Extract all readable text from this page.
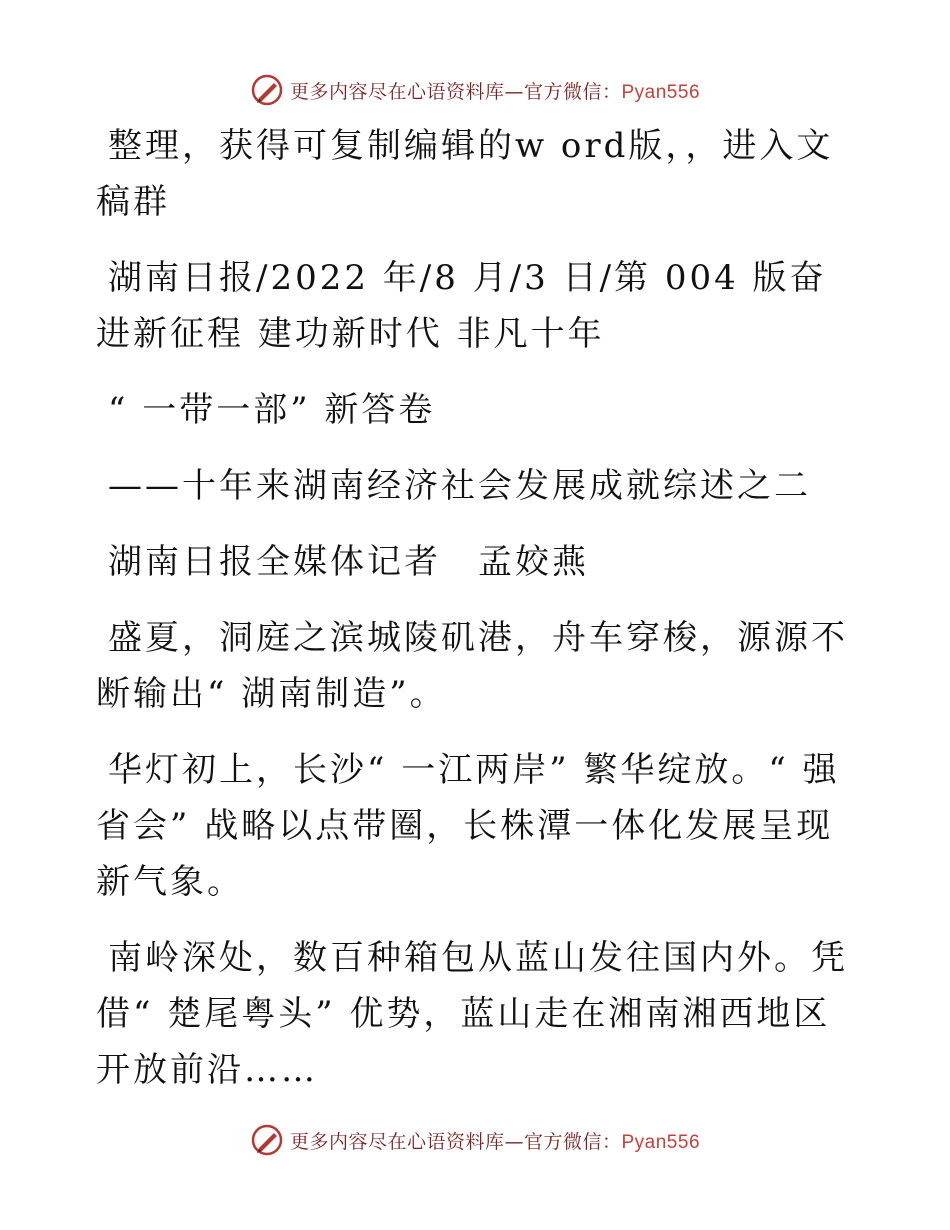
更多内容尽在心语资料库—官方微信：Pyan556

整理，获得可复制编辑的w ord版，，进入文稿群

湖南日报/2022 年/8 月/3 日/第 004 版奋进新征程 建功新时代 非凡十年

“ 一带一部” 新答卷

——十年来湖南经济社会发展成就综述之二

湖南日报全媒体记者　孟姣燕

盛夏，洞庭之滨城陵矶港，舟车穿梭，源源不断输出“ 湖南制造”。

华灯初上，长沙“ 一江两岸” 繁华绽放。“ 强省会” 战略以点带圈，长株潭一体化发展呈现新气象。

南岭深处，数百种箱包从蓝山发往国内外。凭借“ 楚尾粤头” 优势，蓝山走在湘南湘西地区开放前沿……

更多内容尽在心语资料库—官方微信：Pyan556
